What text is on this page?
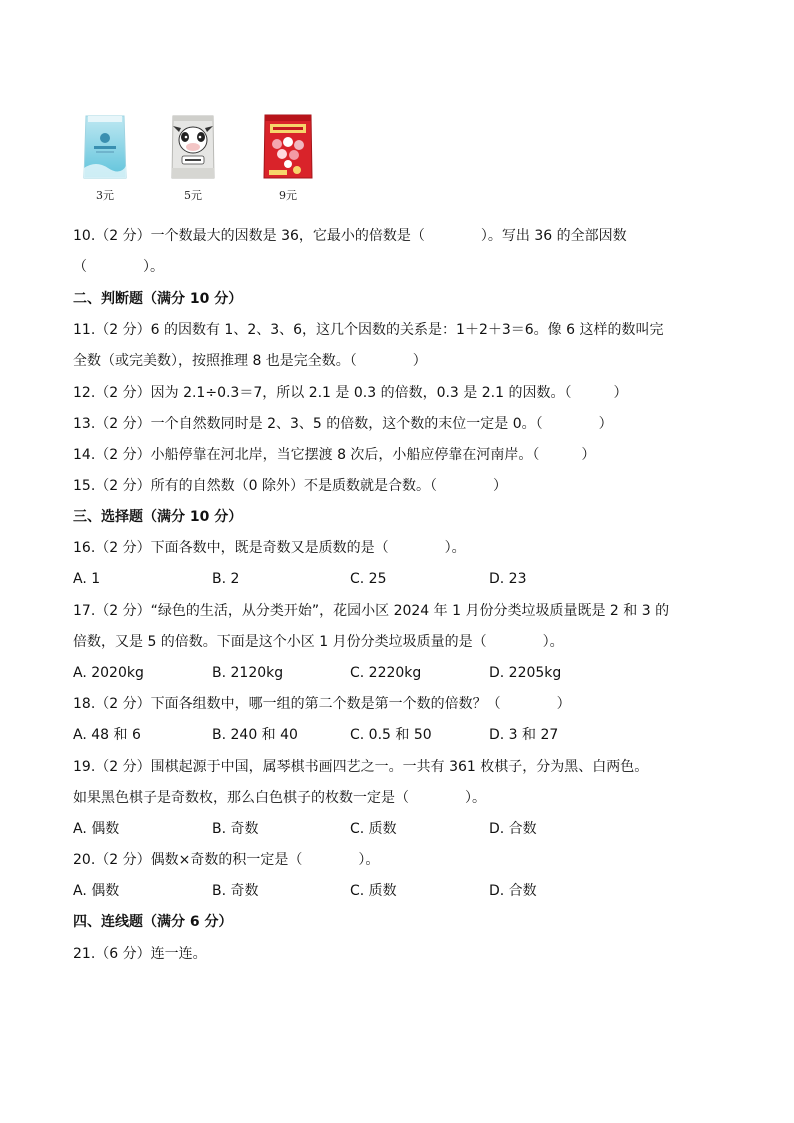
3元	5元	9元
10.（2 分）一个数最大的因数是 36，它最小的倍数是（　　　　）。写出 36 的全部因数
（　　　　）。
二、判断题（满分 10 分）
11.（2 分）6 的因数有 1、2、3、6，这几个因数的关系是：1＋2＋3＝6。像 6 这样的数叫完
全数（或完美数），按照推理 8 也是完全数。（　　　　）
12.（2 分）因为 2.1÷0.3＝7，所以 2.1 是 0.3 的倍数，0.3 是 2.1 的因数。（　　　）
13.（2 分）一个自然数同时是 2、3、5 的倍数，这个数的末位一定是 0。（　　　　）
14.（2 分）小船停靠在河北岸，当它摆渡 8 次后，小船应停靠在河南岸。（　　　）
15.（2 分）所有的自然数（0 除外）不是质数就是合数。（　　　　）
三、选择题（满分 10 分）
16.（2 分）下面各数中，既是奇数又是质数的是（　　　　）。
A. 1	B. 2	C. 25	D. 23
17.（2 分）“绿色的生活，从分类开始”，花园小区 2024 年 1 月份分类垃圾质量既是 2 和 3 的
倍数，又是 5 的倍数。下面是这个小区 1 月份分类垃圾质量的是（　　　　）。
A. 2020kg	B. 2120kg	C. 2220kg	D. 2205kg
18.（2 分）下面各组数中，哪一组的第二个数是第一个数的倍数？（　　　　）
A. 48 和 6	B. 240 和 40	C. 0.5 和 50	D. 3 和 27
19.（2 分）围棋起源于中国，属琴棋书画四艺之一。一共有 361 枚棋子，分为黑、白两色。
如果黑色棋子是奇数枚，那么白色棋子的枚数一定是（　　　　）。
A. 偶数	B. 奇数	C. 质数	D. 合数
20.（2 分）偶数×奇数的积一定是（　　　　）。
A. 偶数	B. 奇数	C. 质数	D. 合数
四、连线题（满分 6 分）
21.（6 分）连一连。
